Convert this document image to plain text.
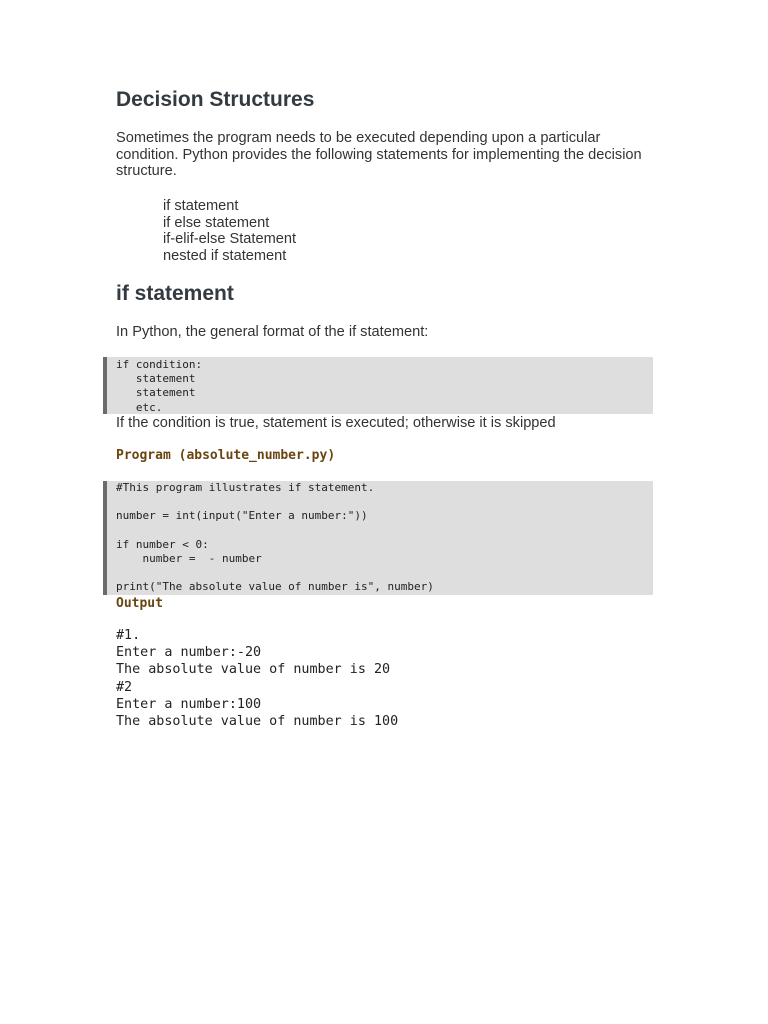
Decision Structures

Sometimes the program needs to be executed depending upon a particular condition. Python provides the following statements for implementing the decision structure.

if statement
if else statement
if-elif-else Statement
nested if statement
if statement

In Python, the general format of the if statement:

if condition:
statement
statement
etc.

If the condition is true, statement is executed; otherwise it is skipped

Program (absolute_number.py)
#This program illustrates if statement.

number = int(input("Enter a number:"))

if number < 0:
number =  - number

print("The absolute value of number is", number)
Output
#1.
Enter a number:-20
The absolute value of number is 20
#2
Enter a number:100
The absolute value of number is 100
